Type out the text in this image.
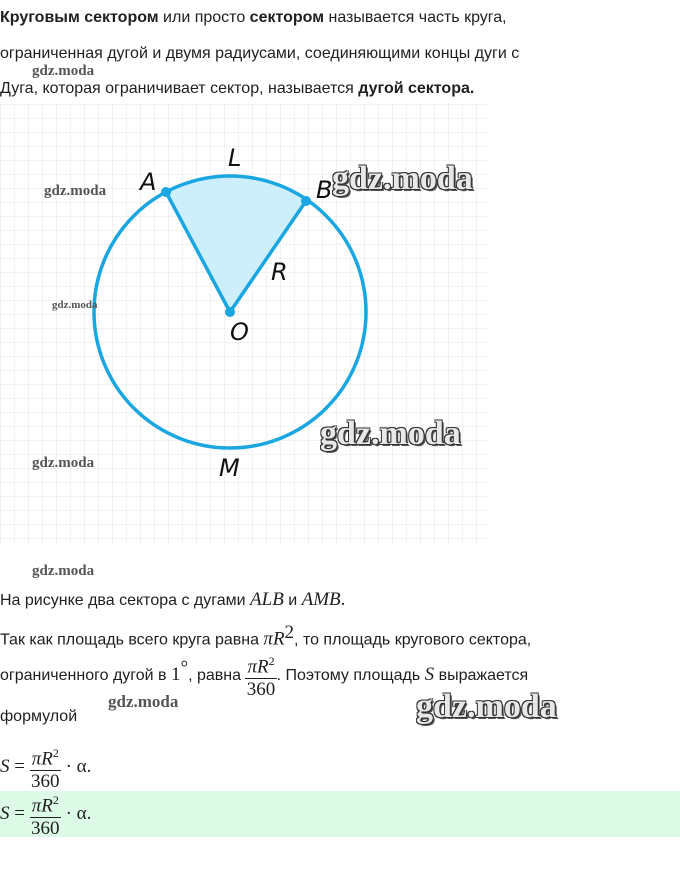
Круговым сектором или просто сектором называется часть круга,
ограниченная дугой и двумя радиусами, соединяющими концы дуги с
Дуга, которая ограничивает сектор, называется дугой сектора.
A	B
L
R
O
M
На рисунке два сектора с дугами ALB и AMB.
Так как площадь всего круга равна $\pi R^2$, то площадь кругового сектора,
ограниченного дугой в 1°, равна $\frac{\pi R^2}{360}$ . Поэтому площадь S выражается
формулой
$S = \frac{\pi R^2}{360} \cdot \alpha$.
$S = \frac{\pi R^2}{360} \cdot \alpha$.
gdz.moda
gdz.moda
gdz.moda
gdz.moda
gdz.moda
gdz.moda
gdz.moda
gdz.moda
gdz.moda
